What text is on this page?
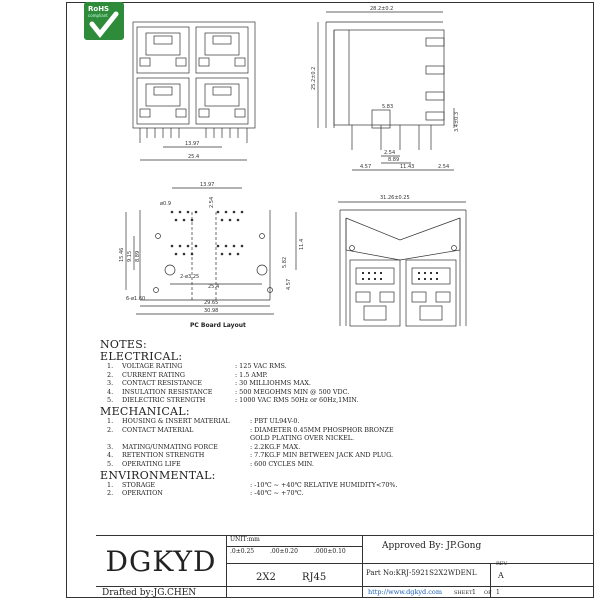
RoHS
compliant
13.97
25.4
28.2±0.2
25.2±0.2
5.83
3.4±0.3
2.54
8.89
4.57	11.43	2.54
13.97
2.54
ø0.9
15.46 9.15 8.89
11.4
5.82
2-ø3.25
25.4	4.57
6-ø1.60
29.65
30.98
PC Board Layout
31.26±0.25
NOTES:
ELECTRICAL:
1. VOLTAGE RATING	: 125 VAC RMS.
2. CURRENT RATING	: 1.5 AMP.
3. CONTACT RESISTANCE	: 30 MILLIOHMS MAX.
4. INSULATION RESISTANCE	: 500 MEGOHMS MIN @ 500 VDC.
5. DIELECTRIC STRENGTH	: 1000 VAC RMS 50Hz or 60Hz,1MIN.
MECHANICAL:
1. HOUSING & INSERT MATERIAL	: PBT UL94V-0.
2. CONTACT MATERIAL	: DIAMETER 0.45MM PHOSPHOR BRONZE
GOLD PLATING OVER NICKEL.
3. MATING/UNMATING FORCE	: 2.2KG.F MAX.
4. RETENTION STRENGTH	: 7.7KG.F MIN BETWEEN JACK AND PLUG.
5. OPERATING LIFE	: 600 CYCLES MIN.
ENVIRONMENTAL:
1. STORAGE	: -10℃ ~ +40℃ RELATIVE HUMIDITY<70%.
2. OPERATION	: -40℃ ~ +70℃.
DGKYD
UNIT:mm
.0±0.25	.00±0.20	.000±0.10
Approved By: JP.Gong
2X2	RJ45	Part No:KRJ-5921S2X2WDENL
REV.
A
Drafted by:JG.CHEN	http://www.dgkyd.com SHEET 1 OF 1
